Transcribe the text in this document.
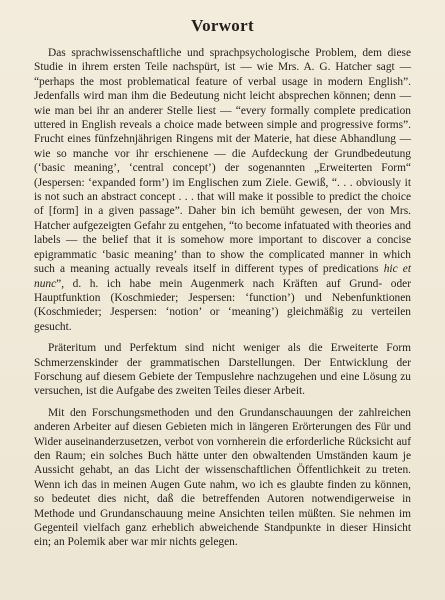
Vorwort

Das sprachwissenschaftliche und sprachpsychologische Problem, dem diese Studie in ihrem ersten Teile nachspürt, ist — wie Mrs. A. G. Hatcher sagt — “perhaps the most problematical feature of verbal usage in modern English”. Jedenfalls wird man ihm die Bedeutung nicht leicht absprechen können; denn — wie man bei ihr an anderer Stelle liest — “every formally complete predication uttered in English reveals a choice made between simple and progressive forms”. Frucht eines fünfzehnjährigen Ringens mit der Materie, hat diese Abhandlung — wie so manche vor ihr erschienene — die Aufdeckung der Grundbedeutung (‘basic meaning’, ‘central concept’) der sogenannten „Erweiterten Form“ (Jespersen: ‘expanded form’) im Englischen zum Ziele. Gewiß, “. . . obviously it is not such an abstract concept . . . that will make it possible to predict the choice of [form] in a given passage”. Daher bin ich bemüht gewesen, der von Mrs. Hatcher aufgezeigten Gefahr zu entgehen, “to become infatuated with theories and labels — the belief that it is somehow more important to discover a concise epigrammatic ‘basic meaning’ than to show the complicated manner in which such a meaning actually reveals itself in different types of predications hic et nunc”, d. h. ich habe mein Augenmerk nach Kräften auf Grund- oder Hauptfunktion (Koschmieder; Jespersen: ‘function’) und Nebenfunktionen (Koschmieder; Jespersen: ‘notion’ or ‘meaning’) gleichmäßig zu verteilen gesucht.

Präteritum und Perfektum sind nicht weniger als die Erweiterte Form Schmerzenskinder der grammatischen Darstellungen. Der Entwicklung der Forschung auf diesem Gebiete der Tempuslehre nachzugehen und eine Lösung zu versuchen, ist die Aufgabe des zweiten Teiles dieser Arbeit.

Mit den Forschungsmethoden und den Grundanschauungen der zahlreichen anderen Arbeiter auf diesen Gebieten mich in längeren Erörterungen des Für und Wider auseinanderzusetzen, verbot von vornherein die erforderliche Rücksicht auf den Raum; ein solches Buch hätte unter den obwaltenden Umständen kaum je Aussicht gehabt, an das Licht der wissenschaftlichen Öffentlichkeit zu treten. Wenn ich das in meinen Augen Gute nahm, wo ich es glaubte finden zu können, so bedeutet dies nicht, daß die betreffenden Autoren notwendigerweise in Methode und Grundanschauung meine Ansichten teilen müßten. Sie nehmen im Gegenteil vielfach ganz erheblich abweichende Standpunkte in dieser Hinsicht ein; an Polemik aber war mir nichts gelegen.
